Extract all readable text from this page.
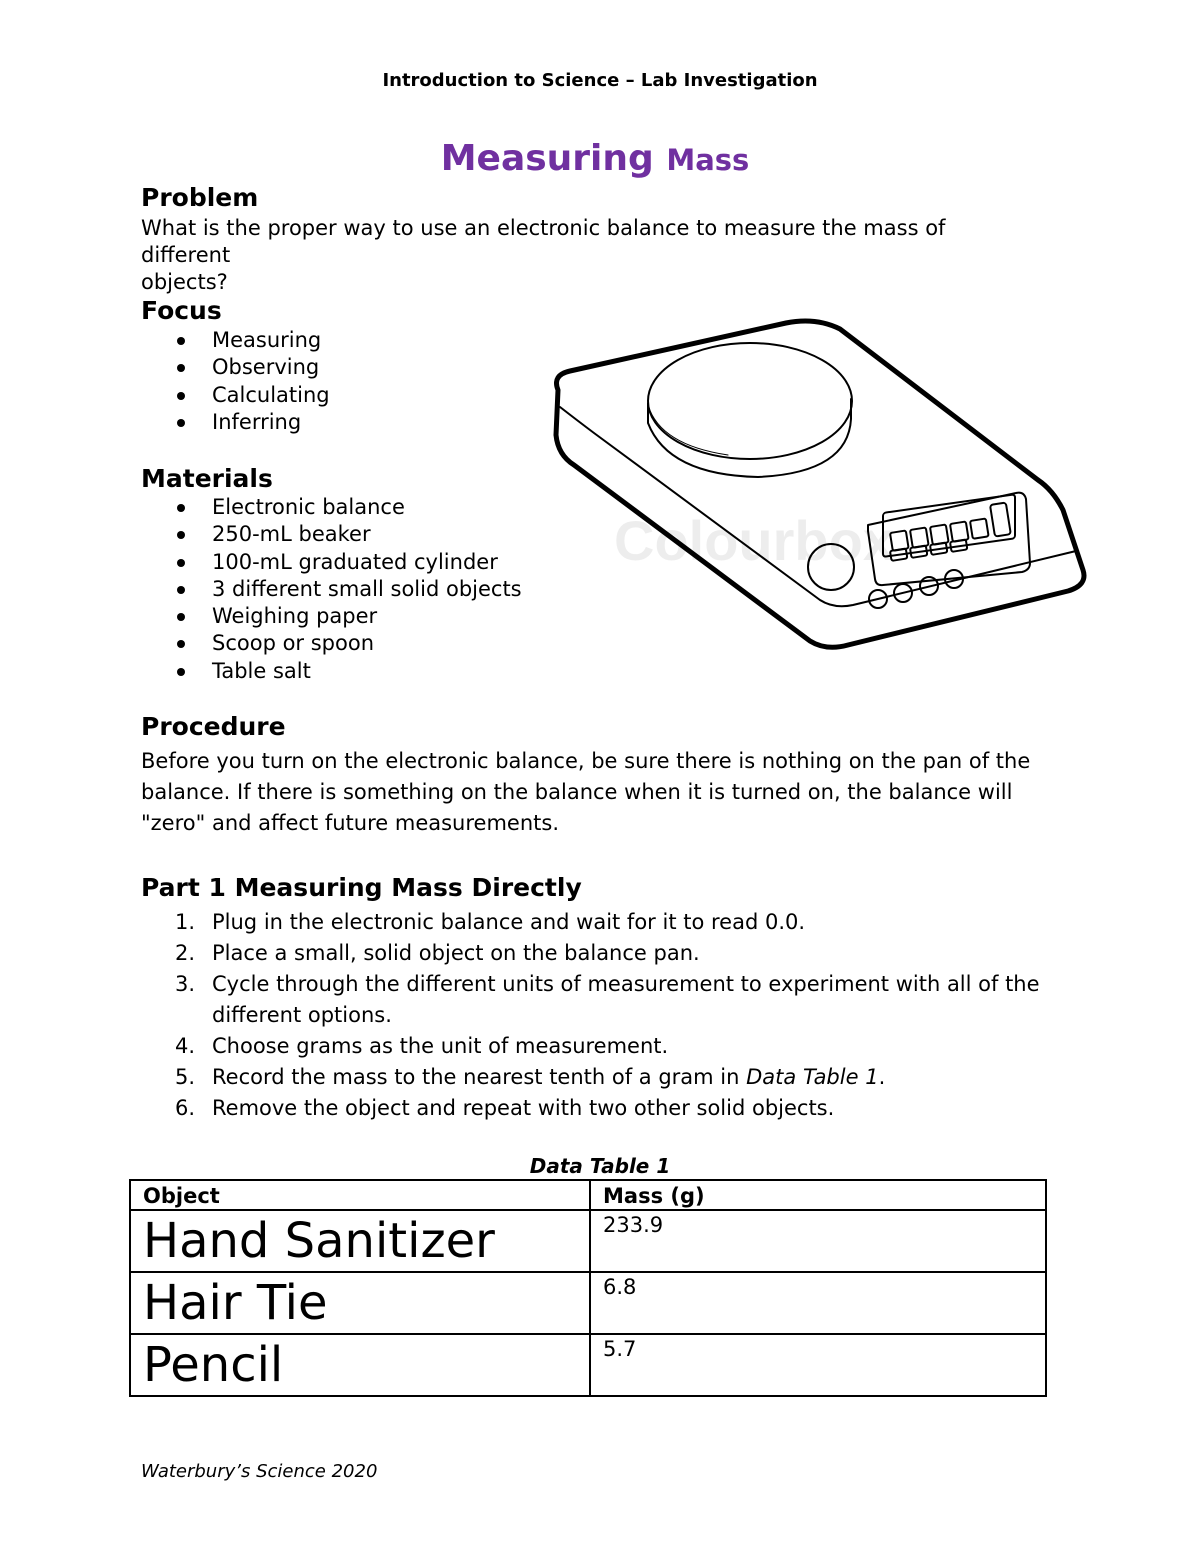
Introduction to Science – Lab Investigation
Measuring Mass
Problem
What is the proper way to use an electronic balance to measure the mass of different
objects?
Focus
Measuring
Observing
Calculating
Inferring
Materials
Electronic balance
250-mL beaker
100-mL graduated cylinder
3 different small solid objects
Weighing paper
Scoop or spoon
Table salt
Colourbox
Procedure
Before you turn on the electronic balance, be sure there is nothing on the pan of the
balance. If there is something on the balance when it is turned on, the balance will
"zero" and affect future measurements.
Part 1 Measuring Mass Directly
1. Plug in the electronic balance and wait for it to read 0.0.
2. Place a small, solid object on the balance pan.
3. Cycle through the different units of measurement to experiment with all of the
different options.
4. Choose grams as the unit of measurement.
5. Record the mass to the nearest tenth of a gram in Data Table 1.
6. Remove the object and repeat with two other solid objects.
Data Table 1
Object	Mass (g)
Hand Sanitizer	233.9
Hair Tie	6.8
Pencil	5.7
Waterbury’s Science 2020
